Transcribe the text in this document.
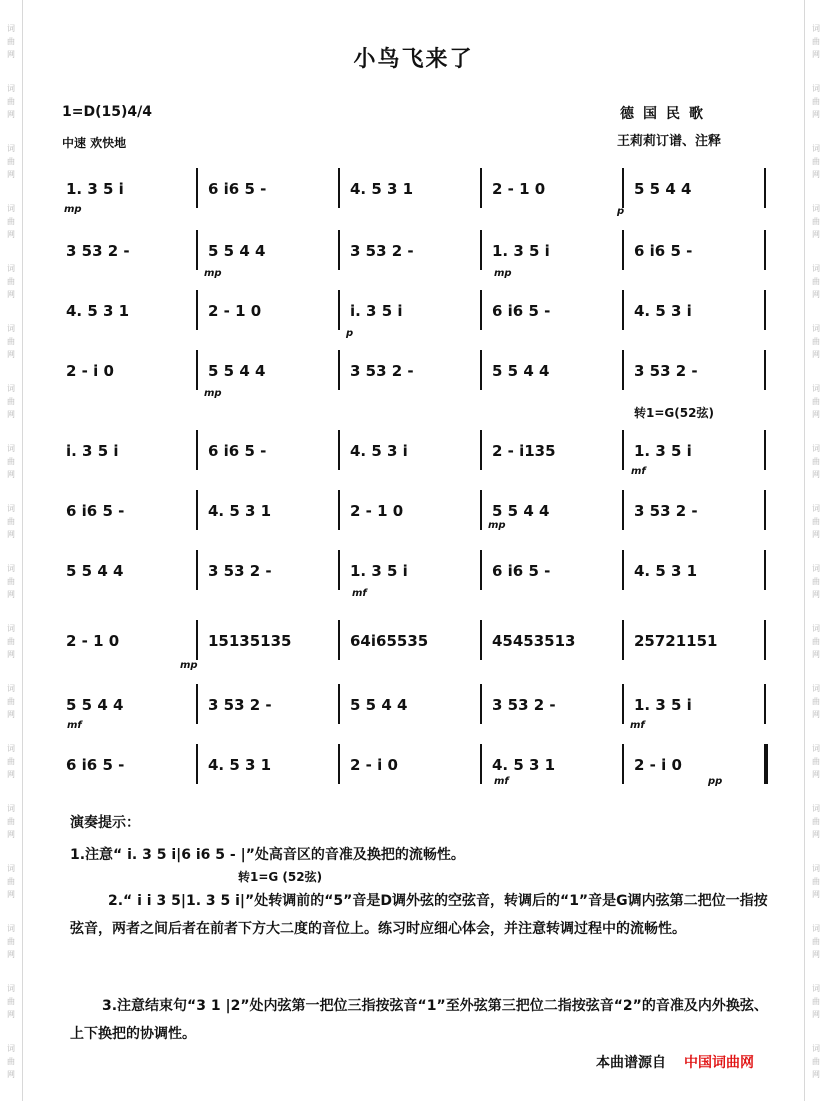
词
曲
网
词
曲
网
词
曲
网
词
曲
网
词
曲
网
词
曲
网
词
曲
网
词
曲
网
词
曲
网
词
曲
网
词
曲
网
词
曲
网
词
曲
网
词
曲
网
词
曲
网
词
曲
网
词
曲
网
词
曲
网
词
曲
网
词
曲
网
词
曲
网
词
曲
网
词
曲
网
词
曲
网
词
曲
网
词
曲
网
词
曲
网
词
曲
网
词
曲
网
词
曲
网
词
曲
网
词
曲
网
词
曲
网
词
曲
网
词
曲
网
词
曲
网
小鸟飞来了
1=D(15)4/4
中速 欢快地
德国民歌
王莉莉订谱、注释
1. 3 5 i	6 i6 5 -	4. 5 3 1	2 - 1 0	5 5 4 4
3 53 2 -	5 5 4 4	3 53 2 -	1. 3 5 i	6 i6 5 -
4. 5 3 1	2 - 1 0	i. 3 5 i	6 i6 5 -	4. 5 3 i
2 - i 0	5 5 4 4	3 53 2 -	5 5 4 4	3 53 2 -
i. 3 5 i	6 i6 5 -	4. 5 3 i	2 - i135	1. 3 5 i
6 i6 5 -	4. 5 3 1	2 - 1 0	5 5 4 4	3 53 2 -
5 5 4 4	3 53 2 -	1. 3 5 i	6 i6 5 -	4. 5 3 1
2 - 1 0	15135135	64i65535	45453513	25721151
5 5 4 4	3 53 2 -	5 5 4 4	3 53 2 -	1. 3 5 i
6 i6 5 -	4. 5 3 1	2 - i 0	4. 5 3 1	2 - i 0
转1=G(52弦)
演奏提示：
1.注意“ i. 3 5 i|6 i6 5 - |”处高音区的音准及换把的流畅性。
转1=G (52弦)
2.“ i i 3 5|1. 3 5 i|”处转调前的“5”音是D调外弦的空弦音，转调后的“1”音是G调内弦第二把位一指按弦音，两者之间后者在前者下方大二度的音位上。练习时应细心体会，并注意转调过程中的流畅性。
3.注意结束句“3 1 |2”处内弦第一把位三指按弦音“1”至外弦第三把位二指按弦音“2”的音准及内外换弦、上下换把的协调性。
本曲谱源自 中国词曲网
mp	p
mp	mp
p
mp
mf
mp
mf
mp
mf	mf
mf	pp
